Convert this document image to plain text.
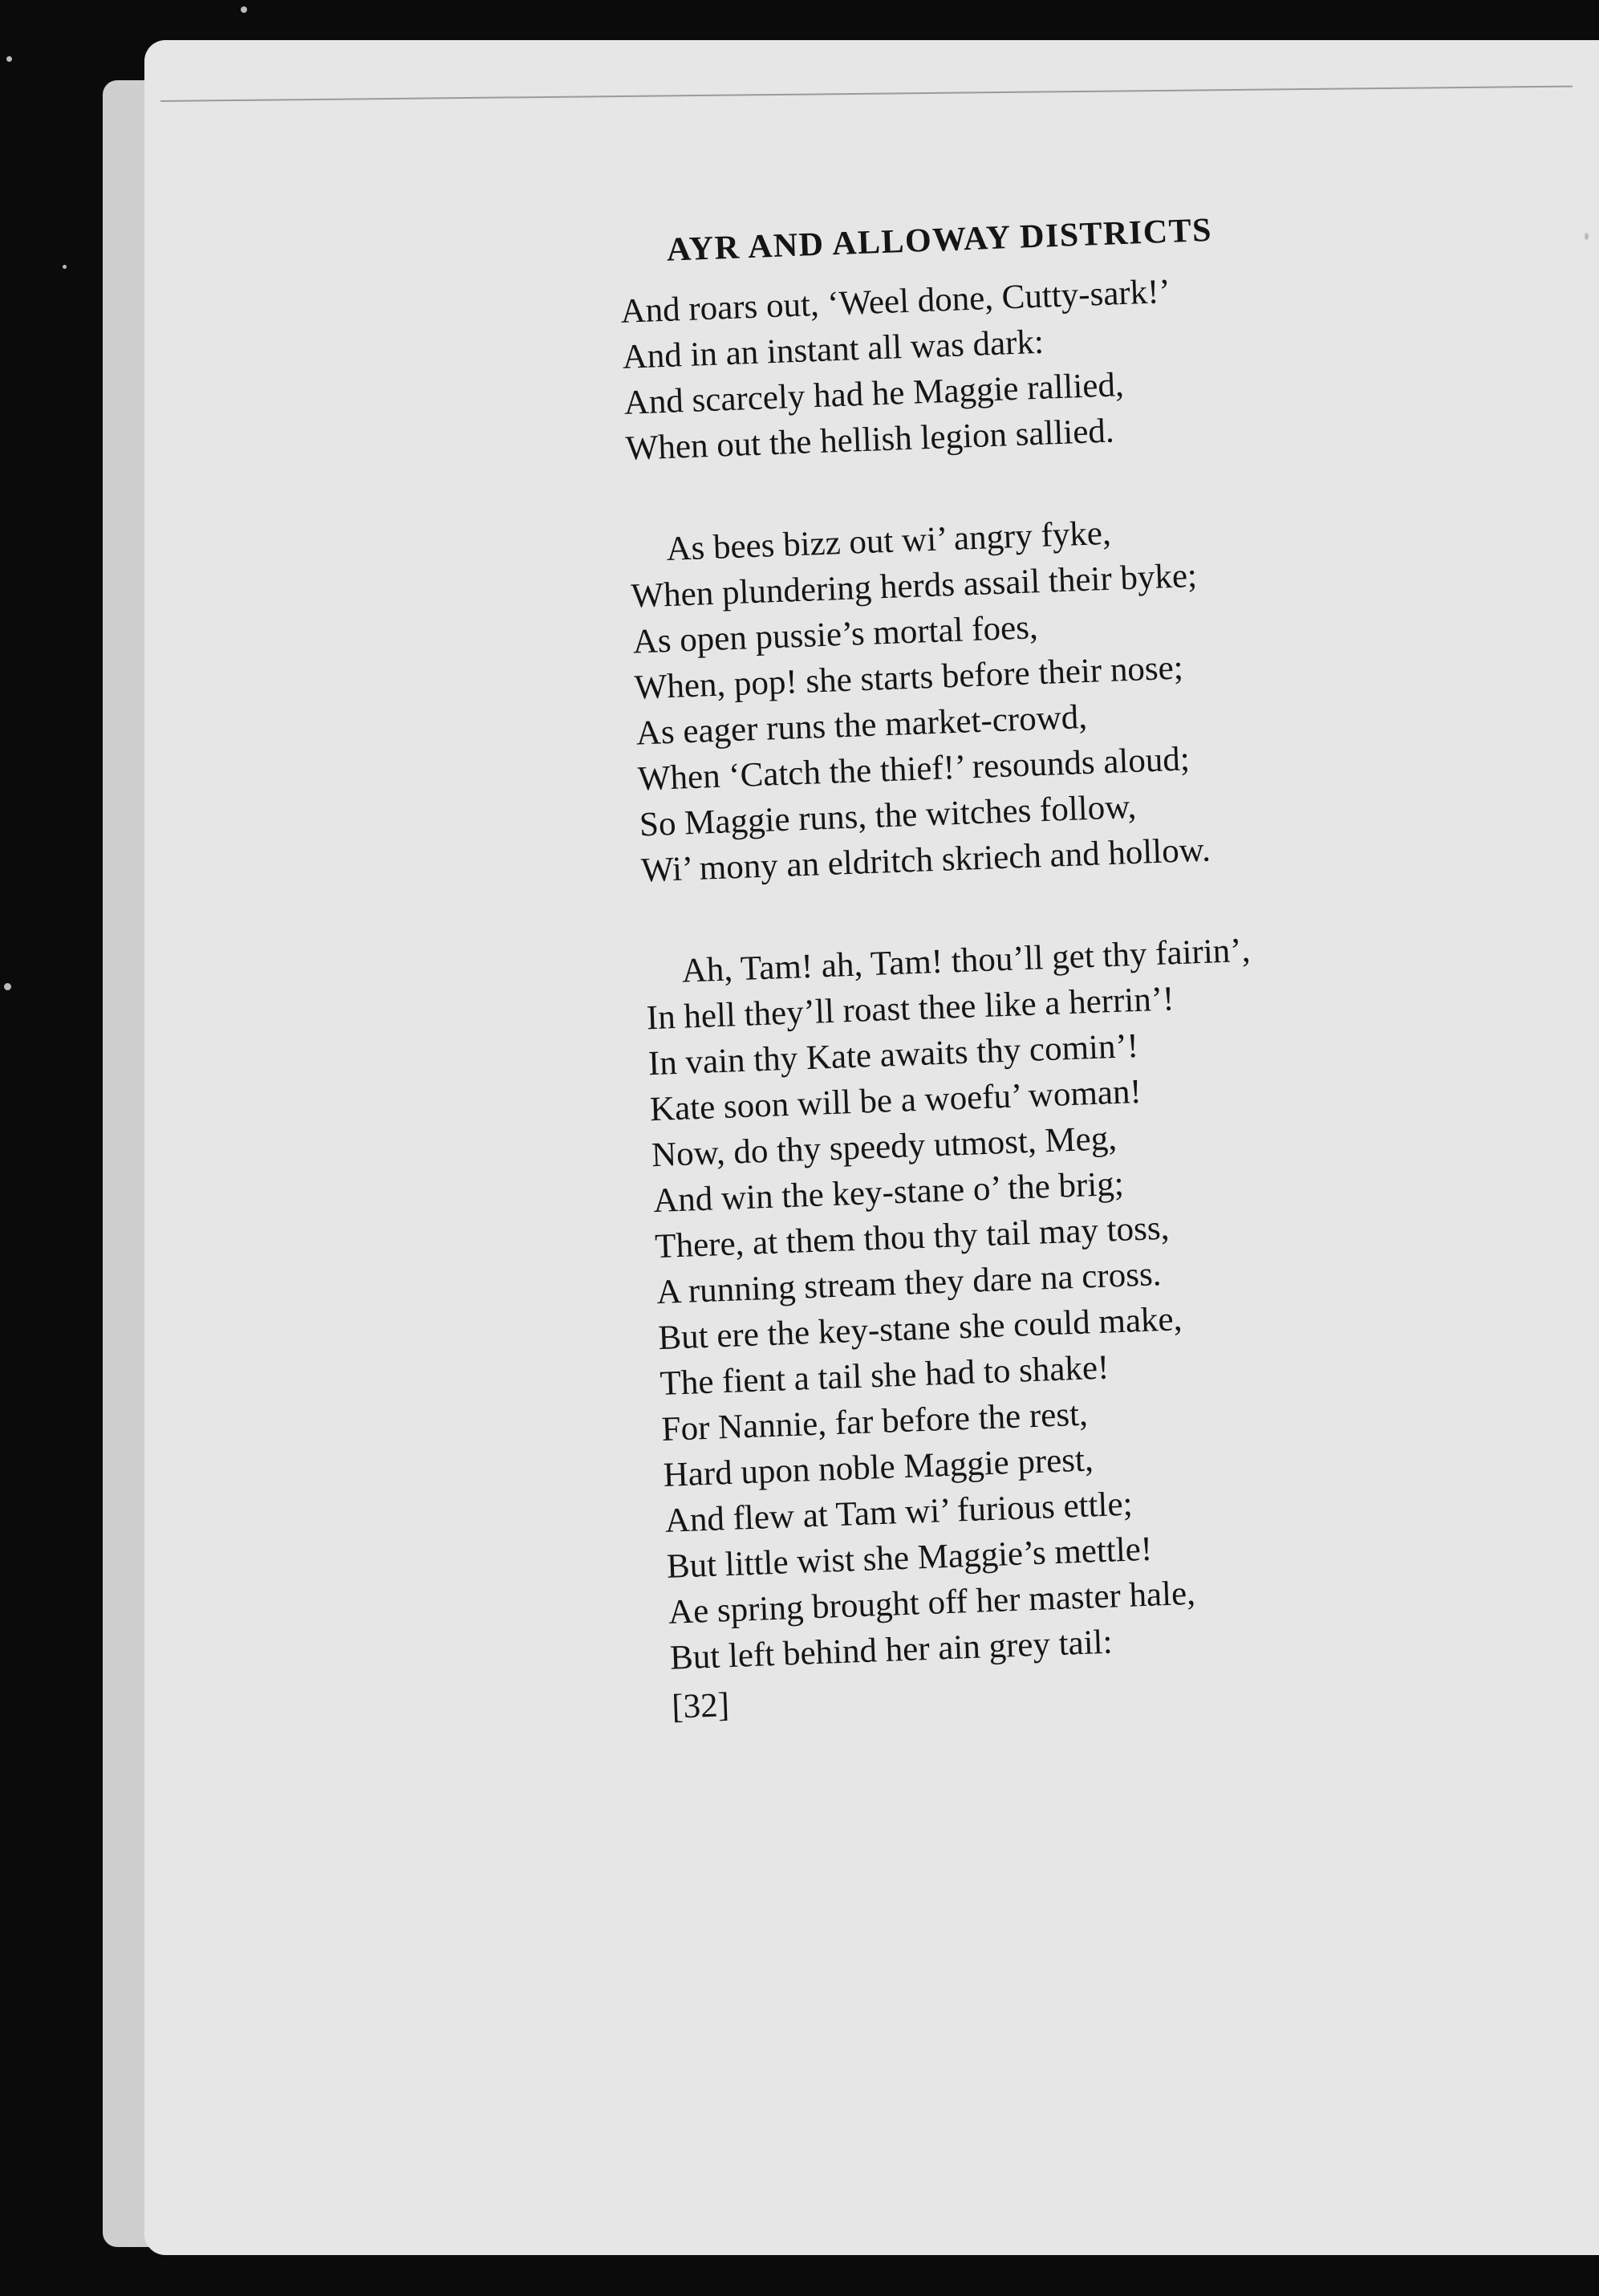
AYR AND ALLOWAY DISTRICTS
And roars out, ‘Weel done, Cutty-sark!’
And in an instant all was dark:
And scarcely had he Maggie rallied,
When out the hellish legion sallied.
As bees bizz out wi’ angry fyke,
When plundering herds assail their byke;
As open pussie’s mortal foes,
When, pop! she starts before their nose;
As eager runs the market-crowd,
When ‘Catch the thief!’ resounds aloud;
So Maggie runs, the witches follow,
Wi’ mony an eldritch skriech and hollow.
Ah, Tam! ah, Tam! thou’ll get thy fairin’,
In hell they’ll roast thee like a herrin’!
In vain thy Kate awaits thy comin’!
Kate soon will be a woefu’ woman!
Now, do thy speedy utmost, Meg,
And win the key-stane o’ the brig;
There, at them thou thy tail may toss,
A running stream they dare na cross.
But ere the key-stane she could make,
The fient a tail she had to shake!
For Nannie, far before the rest,
Hard upon noble Maggie prest,
And flew at Tam wi’ furious ettle;
But little wist she Maggie’s mettle!
Ae spring brought off her master hale,
But left behind her ain grey tail:
[32]
